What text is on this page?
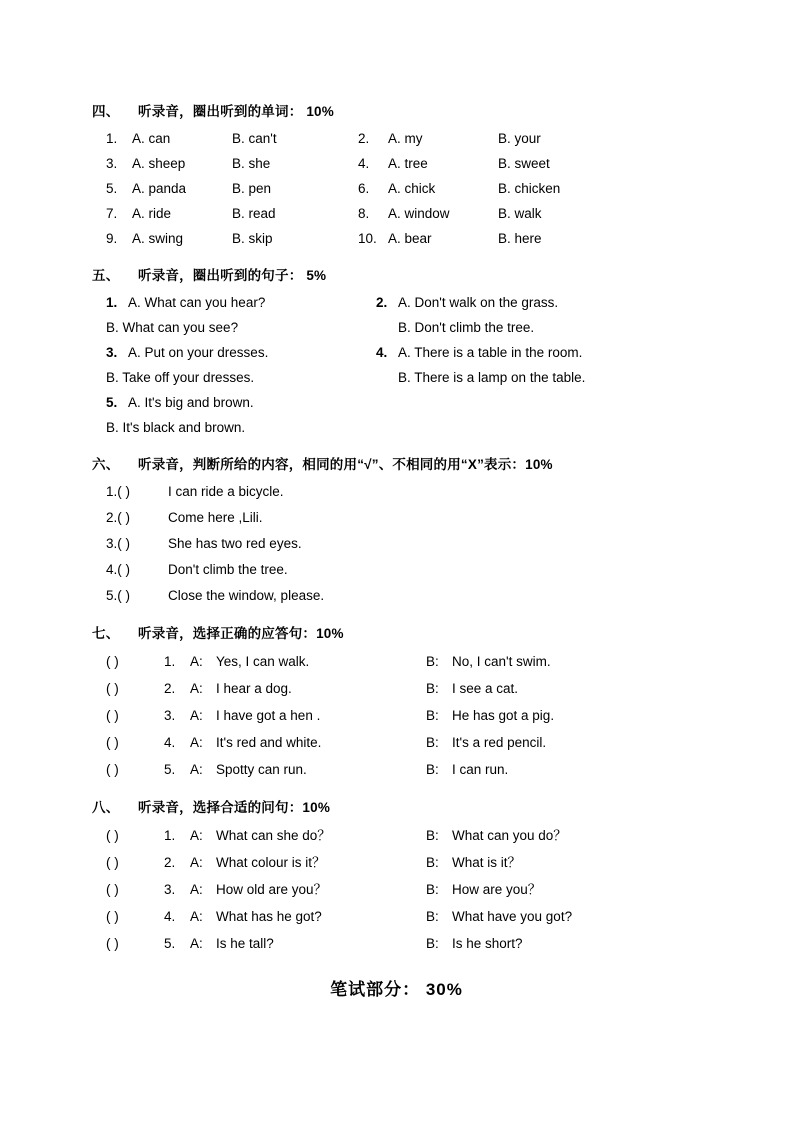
四、 听录音，圈出听到的单词： 10%
1.	A. can	B. can't	2.	A. my	B. your
3.	A. sheep	B. she	4.	A. tree	B. sweet
5.	A. panda	B. pen	6.	A. chick	B. chicken
7.	A. ride	B. read	8.	A. window	B. walk
9.	A. swing	B. skip	10. A. bear	B. here
五、 听录音，圈出听到的句子： 5%
1. A. What can you hear?	2. A. Don't walk on the grass.
B. What can you see?	B. Don't climb the tree.
3. A. Put on your dresses.	4. A. There is a table in the room.
B. Take off your dresses.	B. There is a lamp on the table.
5. A. It's big and brown.
B. It's black and brown.
六、 听录音，判断所给的内容，相同的用“√”、不相同的用“X”表示：10%
1.( )	I can ride a bicycle.
2.( )	Come here ,Lili.
3.( )	She has two red eyes.
4.( )	Don't climb the tree.
5.( )	Close the window, please.
七、 听录音，选择正确的应答句：10%
( )	1.	A: Yes, I can walk.	B: No, I can't swim.
( )	2.	A: I hear a dog.	B: I see a cat.
( )	3.	A: I have got a hen .	B: He has got a pig.
( )	4.	A: It's red and white.	B: It's a red pencil.
( )	5.	A: Spotty can run.	B: I can run.
八、 听录音，选择合适的问句：10%
( )	1.	A: What can she do？	B: What can you do？
( )	2.	A: What colour is it？	B: What is it？
( )	3.	A: How old are you？	B: How are you？
( )	4.	A: What has he got?	B: What have you got?
( )	5.	A: Is he tall?	B: Is he short?
笔试部分： 30%
